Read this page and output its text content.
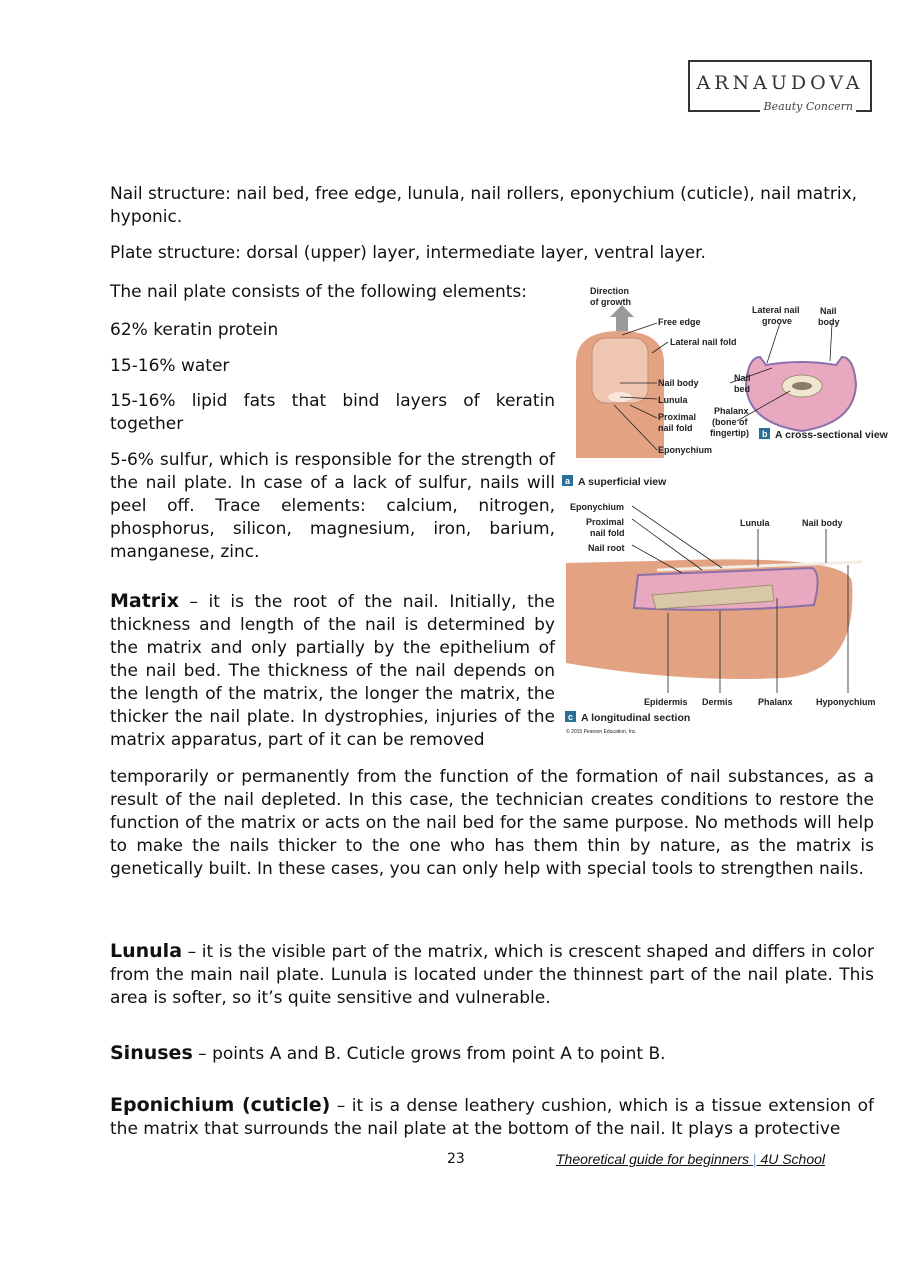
ARNAUDOVA
Beauty Concern

Nail structure: nail bed, free edge, lunula, nail rollers, eponychium (cuticle), nail matrix, hyponic.

Plate structure: dorsal (upper) layer, intermediate layer, ventral layer.

The nail plate consists of the following elements:

62% keratin protein

15-16% water

15-16% lipid fats that bind layers of keratin together

5-6% sulfur, which is responsible for the strength of the nail plate. In case of a lack of sulfur, nails will peel off. Trace elements: calcium, nitrogen, phosphorus, silicon, magnesium, iron, barium, manganese, zinc.

Matrix – it is the root of the nail. Initially, the thickness and length of the nail is determined by the matrix and only partially by the epithelium of the nail bed. The thickness of the nail depends on the length of the matrix, the longer the matrix, the thicker the nail plate. In dystrophies, injuries of the matrix apparatus, part of it can be removed

temporarily or permanently from the function of the formation of nail substances, as a result of the nail depleted. In this case, the technician creates conditions to restore the function of the matrix or acts on the nail bed for the same purpose. No methods will help to make the nails thicker to the one who has them thin by nature, as the matrix is genetically built. In these cases, you can only help with special tools to strengthen nails.

Lunula – it is the visible part of the matrix, which is crescent shaped and differs in color from the main nail plate. Lunula is located under the thinnest part of the nail plate. This area is softer, so it’s quite sensitive and vulnerable.

Sinuses – points A and B. Cuticle grows from point A to point B.

Eponichium (cuticle) – it is a dense leathery cushion, which is a tissue extension of the matrix that surrounds the nail plate at the bottom of the nail. It plays a protective

Direction
of growth
Free edge
Lateral nail fold
Nail body
Lunula
Proximal
nail fold
Eponychium
a A superficial view
Lateral nail
groove
Nail
body
Nail
bed
Phalanx
(bone of
fingertip) b A cross-sectional view
Eponychium
Proximal
nail fold
Nail root
Lunula	Nail body
Epidermis Dermis	Phalanx	Hyponychium
c A longitudinal section
© 2015 Pearson Education, Inc.
23	Theoretical guide for beginners | 4U School
